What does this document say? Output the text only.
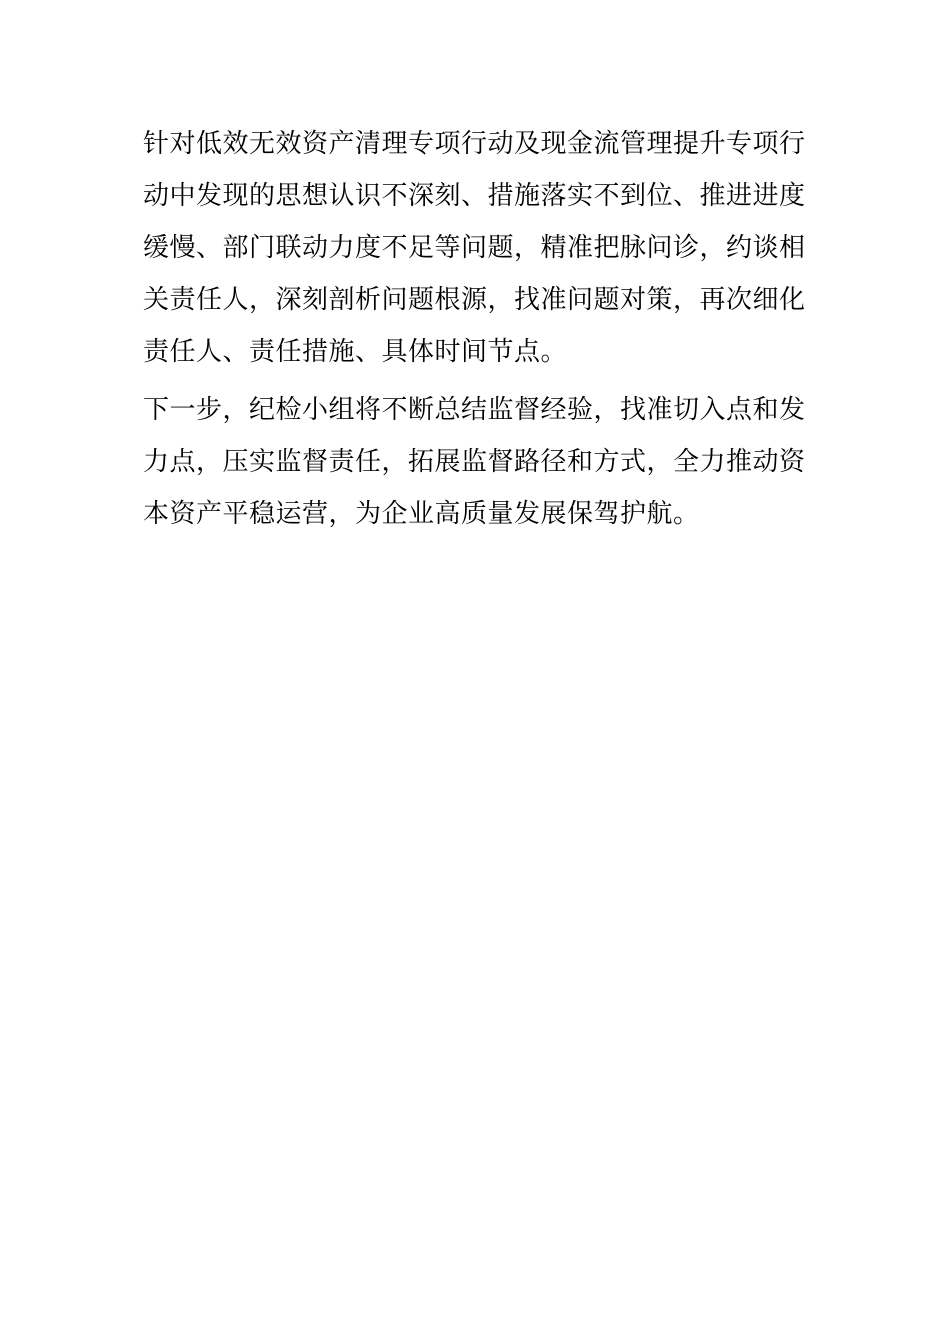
针对低效无效资产清理专项行动及现金流管理提升专项行
动中发现的思想认识不深刻、措施落实不到位、推进进度
缓慢、部门联动力度不足等问题，精准把脉问诊，约谈相
关责任人，深刻剖析问题根源，找准问题对策，再次细化
责任人、责任措施、具体时间节点。
下一步，纪检小组将不断总结监督经验，找准切入点和发
力点，压实监督责任，拓展监督路径和方式，全力推动资
本资产平稳运营，为企业高质量发展保驾护航。
